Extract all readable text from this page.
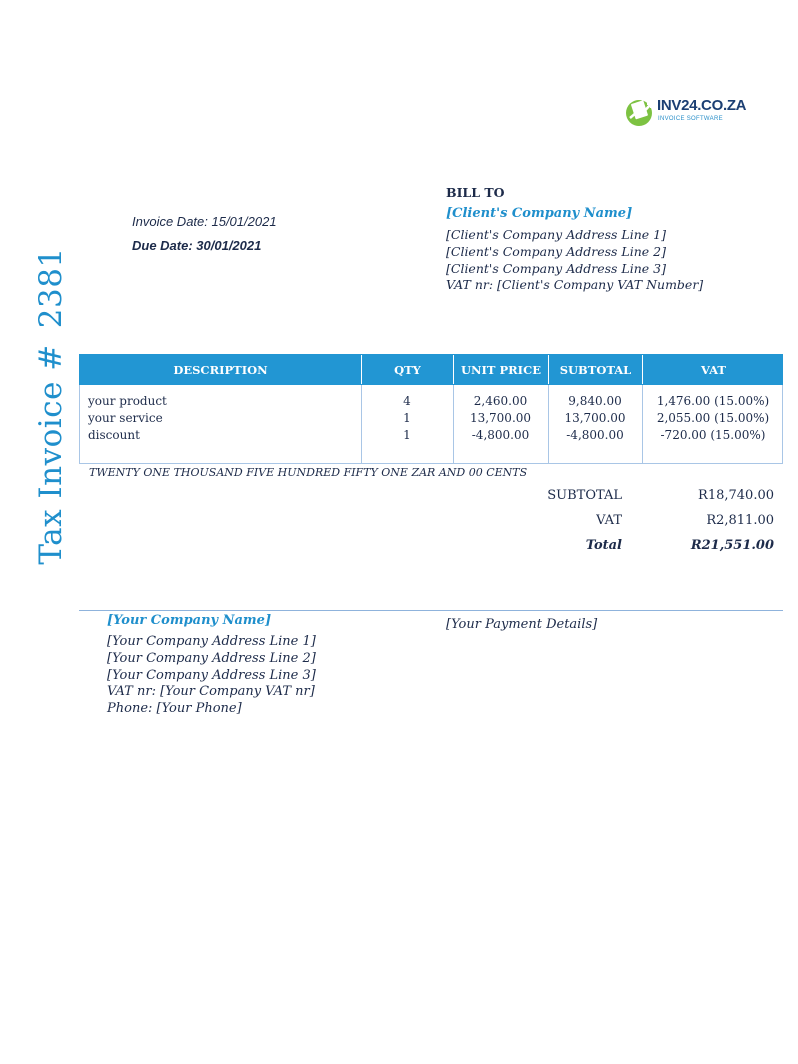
INV24.CO.ZA
INVOICE SOFTWARE
Tax Invoice #2381
Invoice Date: 15/01/2021
Due Date: 30/01/2021
BILL TO
[Client's Company Name]
[Client's Company Address Line 1]
[Client's Company Address Line 2]
[Client's Company Address Line 3]
VAT nr: [Client's Company VAT Number]
DESCRIPTION	QTY	UNIT PRICE	SUBTOTAL	VAT
your product	4	2,460.00	9,840.00	1,476.00 (15.00%)
your service	1	13,700.00	13,700.00	2,055.00 (15.00%)
discount	1	-4,800.00	-4,800.00	-720.00 (15.00%)
TWENTY ONE THOUSAND FIVE HUNDRED FIFTY ONE ZAR AND 00 CENTS
SUBTOTAL	R18,740.00
VAT	R2,811.00
Total	R21,551.00
[Your Company Name]
[Your Company Address Line 1]
[Your Company Address Line 2]
[Your Company Address Line 3]
VAT nr: [Your Company VAT nr]
Phone: [Your Phone]
[Your Payment Details]
